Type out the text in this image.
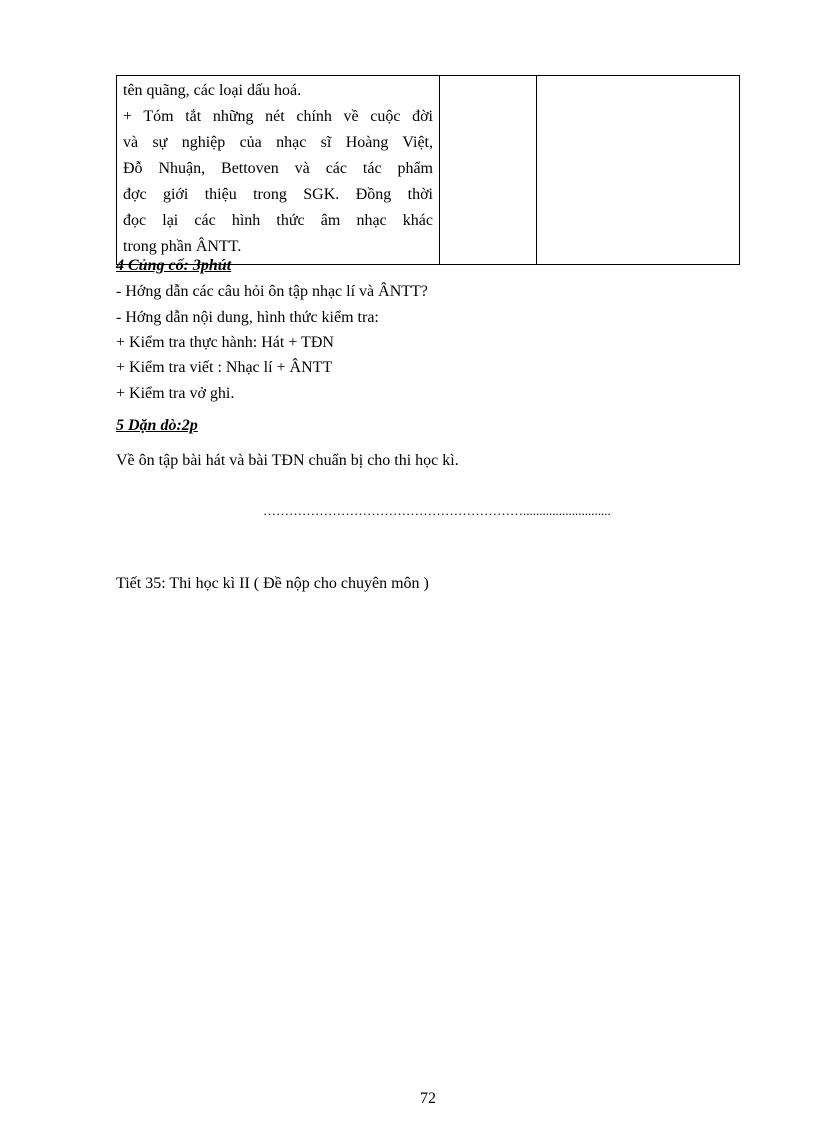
tên quãng, các loại dấu hoá.
+ Tóm tắt những nét chính về cuộc đời
và sự nghiệp của nhạc sĩ Hoàng Việt,
Đỗ Nhuận, Bettoven và các tác phẩm
đợc giới thiệu trong SGK. Đồng thời
đọc lại các hình thức âm nhạc khác
trong phần ÂNTT.

4 Củng cố: 3phút
- Hớng dẫn các câu hỏi ôn tập nhạc lí và ÂNTT?
- Hớng dẫn nội dung, hình thức kiểm tra:
+ Kiểm tra thực hành: Hát + TĐN
+ Kiểm tra viết : Nhạc lí + ÂNTT
+ Kiểm tra vở ghi.
5 Dặn dò:2p
Về ôn tập bài hát và bài TĐN chuẩn bị cho thi học kì.
……………………………………………………...........................
Tiết 35: Thi học kì II ( Đề nộp cho chuyên môn )
72
